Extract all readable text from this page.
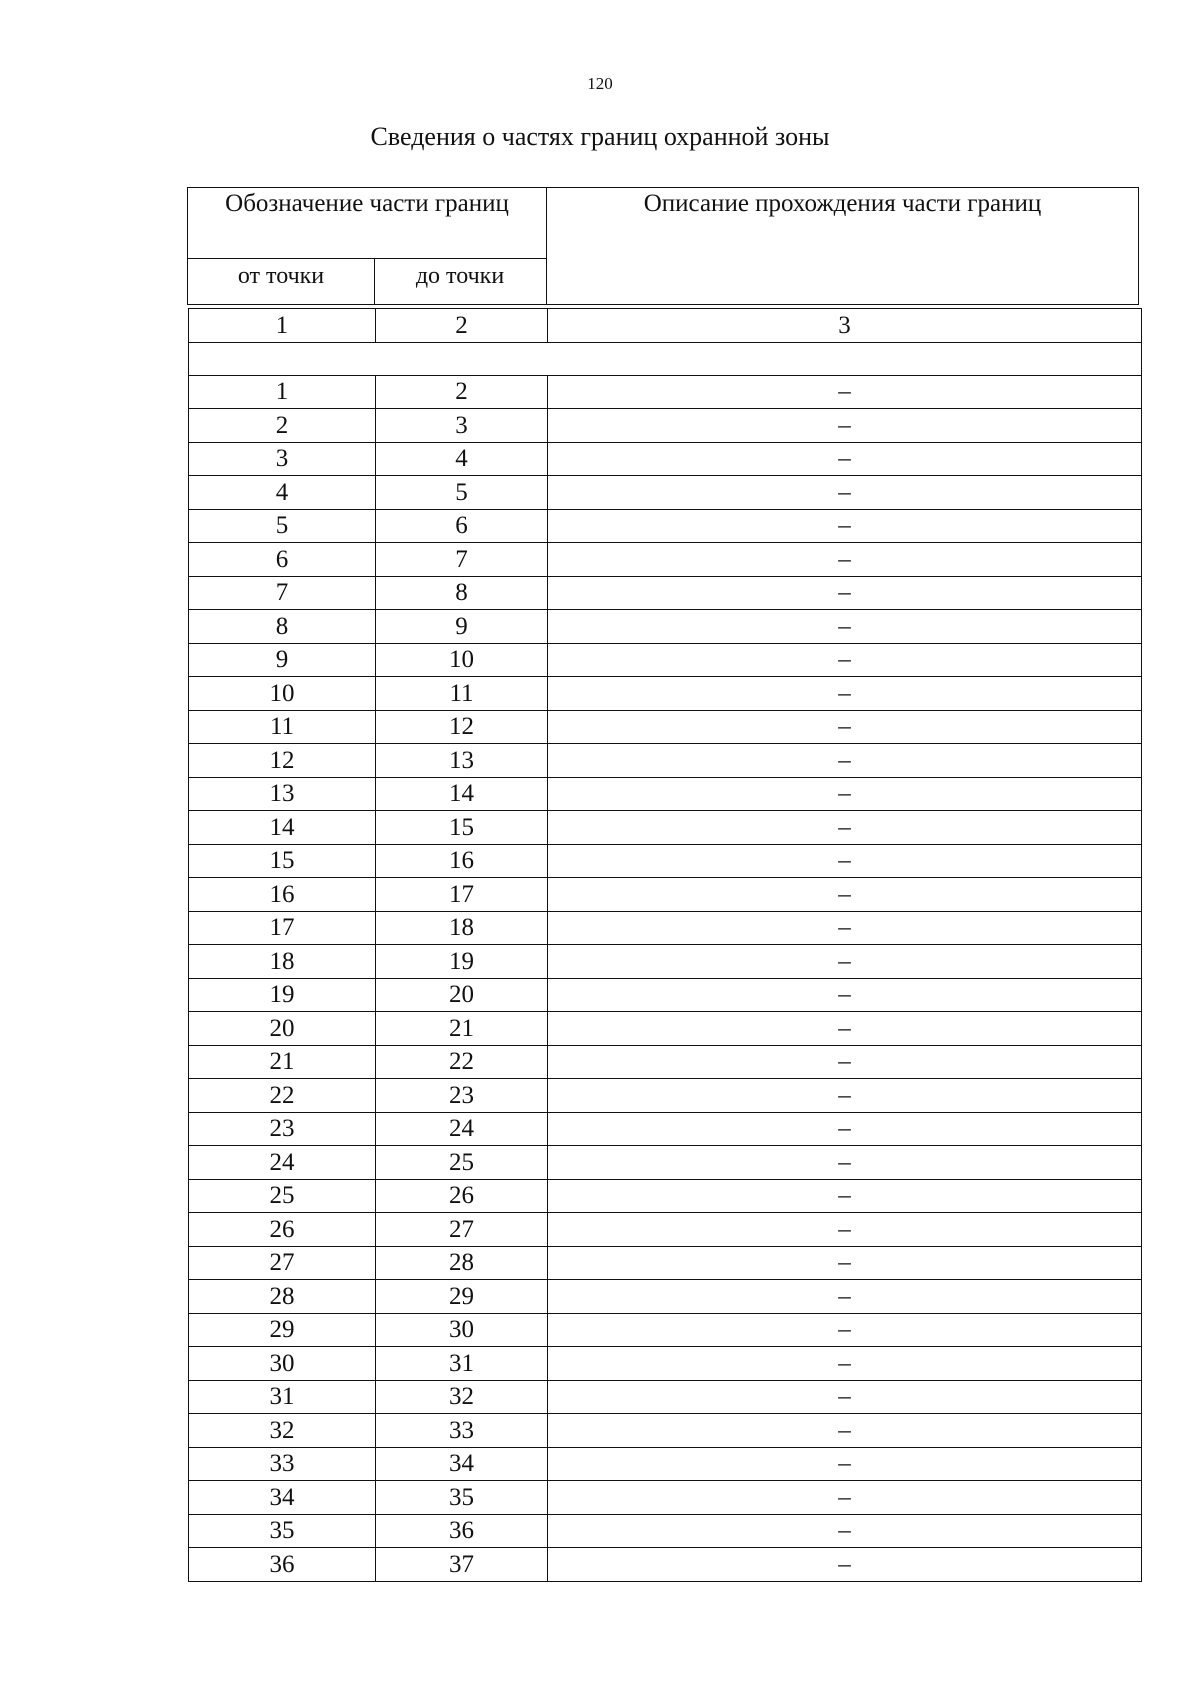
120
Сведения о частях границ охранной зоны
Обозначение части границ
от точки	до точки
Описание прохождения части границ
1	2	3

1	2	–
2	3	–
3	4	–
4	5	–
5	6	–
6	7	–
7	8	–
8	9	–
9	10	–
10	11	–
11	12	–
12	13	–
13	14	–
14	15	–
15	16	–
16	17	–
17	18	–
18	19	–
19	20	–
20	21	–
21	22	–
22	23	–
23	24	–
24	25	–
25	26	–
26	27	–
27	28	–
28	29	–
29	30	–
30	31	–
31	32	–
32	33	–
33	34	–
34	35	–
35	36	–
36	37	–
